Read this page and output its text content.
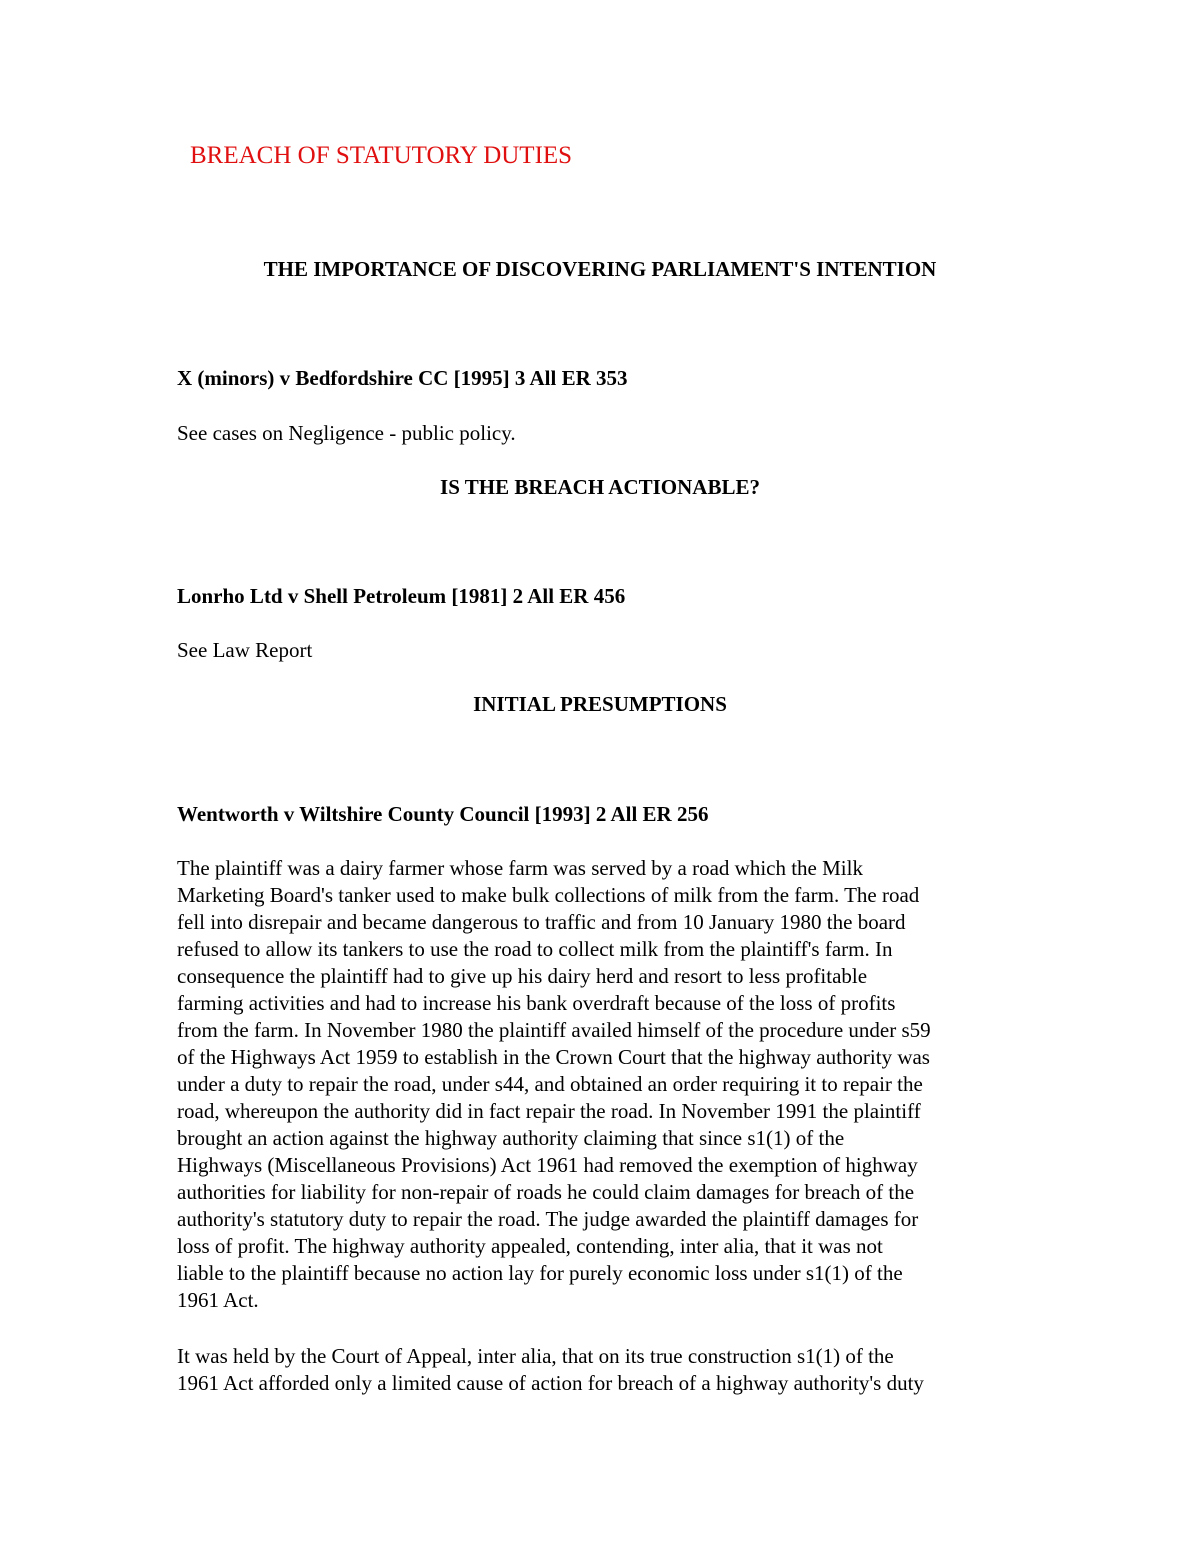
BREACH OF STATUTORY DUTIES
THE IMPORTANCE OF DISCOVERING PARLIAMENT'S INTENTION

X (minors) v Bedfordshire CC [1995] 3 All ER 353

See cases on Negligence - public policy.

IS THE BREACH ACTIONABLE?

Lonrho Ltd v Shell Petroleum [1981] 2 All ER 456

See Law Report

INITIAL PRESUMPTIONS

Wentworth v Wiltshire County Council [1993] 2 All ER 256

The plaintiff was a dairy farmer whose farm was served by a road which the Milk
Marketing Board's tanker used to make bulk collections of milk from the farm. The road
fell into disrepair and became dangerous to traffic and from 10 January 1980 the board
refused to allow its tankers to use the road to collect milk from the plaintiff's farm. In
consequence the plaintiff had to give up his dairy herd and resort to less profitable
farming activities and had to increase his bank overdraft because of the loss of profits
from the farm. In November 1980 the plaintiff availed himself of the procedure under s59
of the Highways Act 1959 to establish in the Crown Court that the highway authority was
under a duty to repair the road, under s44, and obtained an order requiring it to repair the
road, whereupon the authority did in fact repair the road. In November 1991 the plaintiff
brought an action against the highway authority claiming that since s1(1) of the
Highways (Miscellaneous Provisions) Act 1961 had removed the exemption of highway
authorities for liability for non-repair of roads he could claim damages for breach of the
authority's statutory duty to repair the road. The judge awarded the plaintiff damages for
loss of profit. The highway authority appealed, contending, inter alia, that it was not
liable to the plaintiff because no action lay for purely economic loss under s1(1) of the
1961 Act.
It was held by the Court of Appeal, inter alia, that on its true construction s1(1) of the
1961 Act afforded only a limited cause of action for breach of a highway authority's duty
